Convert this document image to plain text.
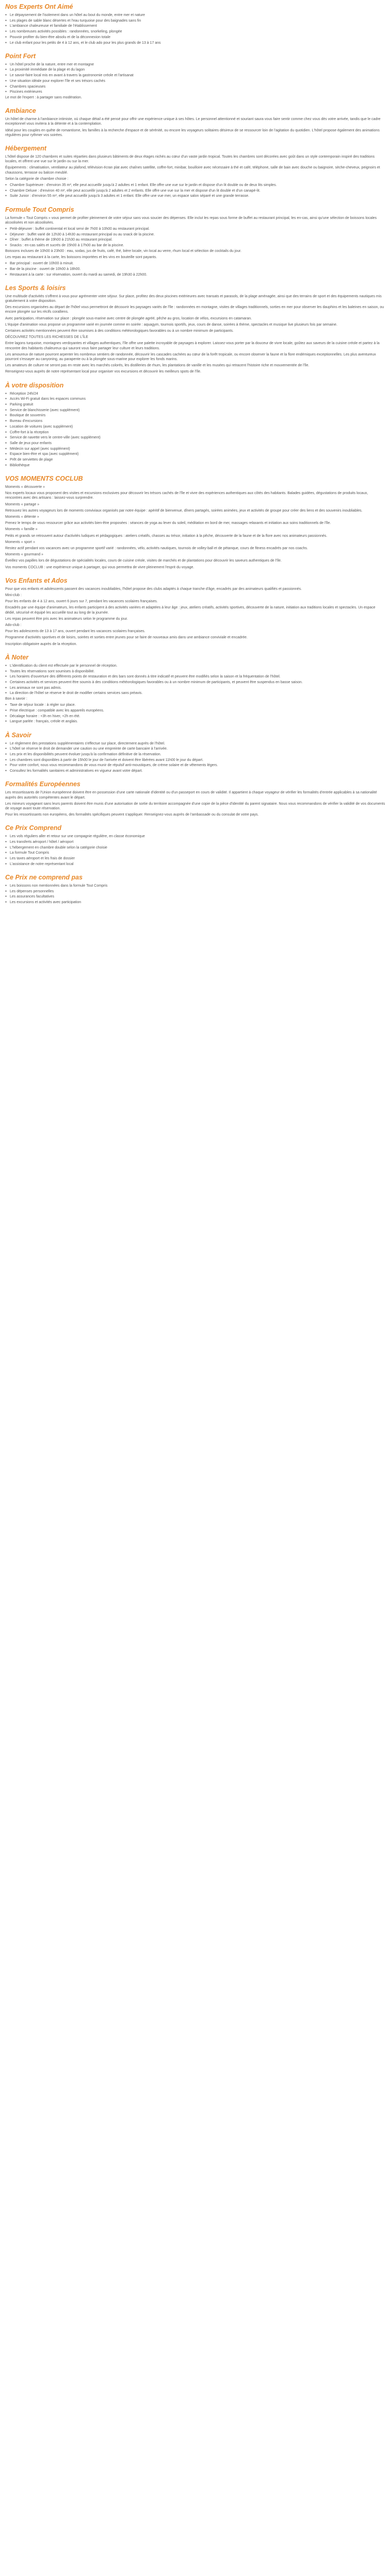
Nos Experts Ont Aimé
● Le dépaysement de l'isolement dans un hôtel au bout du monde, entre mer et nature
● Les plages de sable blanc désertes et l'eau turquoise pour des baignades sans fin
● L'ambiance chaleureuse et familiale de l'établissement
● Les nombreuses activités possibles : randonnées, snorkeling, plongée
● Pouvoir profiter du bien-être absolu et de la déconnexion totale
● Le club enfant pour les petits de 4 à 12 ans, et le club ado pour les plus grands de 13 à 17 ans
Point Fort
● Un hôtel proche de la nature, entre mer et montagne
● La proximité immédiate de la plage et du lagon
● Le savoir-faire local mis en avant à travers la gastronomie créole et l'artisanat
● Une situation idéale pour explorer l'île et ses trésors cachés
● Chambres spacieuses
● Piscines extérieures

Le mot de l'expert : à partager sans modération.

Ambiance

Un hôtel de charme à l'ambiance intimiste, où chaque détail a été pensé pour offrir une expérience unique à ses hôtes. Le personnel attentionné et souriant saura vous faire sentir comme chez vous dès votre arrivée, tandis que le cadre exceptionnel vous invitera à la détente et à la contemplation.

Idéal pour les couples en quête de romantisme, les familles à la recherche d'espace et de sérénité, ou encore les voyageurs solitaires désireux de se ressourcer loin de l'agitation du quotidien. L'hôtel propose également des animations régulières pour rythmer vos soirées.

Hébergement

L'hôtel dispose de 120 chambres et suites réparties dans plusieurs bâtiments de deux étages nichés au cœur d'un vaste jardin tropical. Toutes les chambres sont décorées avec goût dans un style contemporain inspiré des traditions locales, et offrent une vue sur le jardin ou sur la mer.

Équipements : climatisation, ventilateur au plafond, télévision écran plat avec chaînes satellite, coffre-fort, minibar, bouilloire avec nécessaire à thé et café, téléphone, salle de bain avec douche ou baignoire, sèche-cheveux, peignoirs et chaussons, terrasse ou balcon meublé.

Selon la catégorie de chambre choisie :

● Chambre Supérieure : d'environ 35 m², elle peut accueillir jusqu'à 2 adultes et 1 enfant. Elle offre une vue sur le jardin et dispose d'un lit double ou de deux lits simples.
● Chambre Deluxe : d'environ 40 m², elle peut accueillir jusqu'à 2 adultes et 2 enfants. Elle offre une vue sur la mer et dispose d'un lit double et d'un canapé-lit.
● Suite Junior : d'environ 55 m², elle peut accueillir jusqu'à 3 adultes et 1 enfant. Elle offre une vue mer, un espace salon séparé et une grande terrasse.
Formule Tout Compris

La formule « Tout Compris » vous permet de profiter pleinement de votre séjour sans vous soucier des dépenses. Elle inclut les repas sous forme de buffet au restaurant principal, les en-cas, ainsi qu'une sélection de boissons locales alcoolisées et non alcoolisées.

● Petit-déjeuner : buffet continental et local servi de 7h00 à 10h00 au restaurant principal.
● Déjeuner : buffet varié de 12h30 à 14h30 au restaurant principal ou au snack de la piscine.
● Dîner : buffet à thème de 19h00 à 21h30 au restaurant principal.
● Snacks : en-cas salés et sucrés de 15h00 à 17h00 au bar de la piscine.

Boissons incluses de 10h00 à 23h00 : eau, sodas, jus de fruits, café, thé, bière locale, vin local au verre, rhum local et sélection de cocktails du jour.

Les repas au restaurant à la carte, les boissons importées et les vins en bouteille sont payants.

● Bar principal : ouvert de 10h00 à minuit.
● Bar de la piscine : ouvert de 10h00 à 18h00.
● Restaurant à la carte : sur réservation, ouvert du mardi au samedi, de 19h30 à 22h00.
Les Sports & loisirs

Une multitude d'activités s'offrent à vous pour agrémenter votre séjour. Sur place, profitez des deux piscines extérieures avec transats et parasols, de la plage aménagée, ainsi que des terrains de sport et des équipements nautiques mis gratuitement à votre disposition.

Des excursions organisées au départ de l'hôtel vous permettront de découvrir les paysages variés de l'île : randonnées en montagne, visites de villages traditionnels, sorties en mer pour observer les dauphins et les baleines en saison, ou encore plongée sur les récifs coralliens.

Avec participation, réservation sur place : plongée sous-marine avec centre de plongée agréé, pêche au gros, location de vélos, excursions en catamaran.

L'équipe d'animation vous propose un programme varié en journée comme en soirée : aquagym, tournois sportifs, jeux, cours de danse, soirées à thème, spectacles et musique live plusieurs fois par semaine.

Certaines activités mentionnées peuvent être soumises à des conditions météorologiques favorables ou à un nombre minimum de participants.

DÉCOUVREZ TOUTES LES RICHESSES DE L'ÎLE

Entre lagons turquoise, montagnes verdoyantes et villages authentiques, l'île offre une palette incroyable de paysages à explorer. Laissez-vous porter par la douceur de vivre locale, goûtez aux saveurs de la cuisine créole et partez à la rencontre des habitants chaleureux qui sauront vous faire partager leur culture et leurs traditions.

Les amoureux de nature pourront arpenter les nombreux sentiers de randonnée, découvrir les cascades cachées au cœur de la forêt tropicale, ou encore observer la faune et la flore endémiques exceptionnelles. Les plus aventureux pourront s'essayer au canyoning, au parapente ou à la plongée sous-marine pour explorer les fonds marins.

Les amateurs de culture ne seront pas en reste avec les marchés colorés, les distilleries de rhum, les plantations de vanille et les musées qui retracent l'histoire riche et mouvementée de l'île.

Renseignez-vous auprès de notre représentant local pour organiser vos excursions et découvrir les meilleurs spots de l'île.

À votre disposition
● Réception 24h/24
● Accès Wi-Fi gratuit dans les espaces communs
● Parking gratuit
● Service de blanchisserie (avec supplément)
● Boutique de souvenirs
● Bureau d'excursions
● Location de voitures (avec supplément)
● Coffre-fort à la réception
● Service de navette vers le centre-ville (avec supplément)
● Salle de jeux pour enfants
● Médecin sur appel (avec supplément)
● Espace bien-être et spa (avec supplément)
● Prêt de serviettes de plage
● Bibliothèque
VOS MOMENTS COCLUB

Moments « découverte »

Nos experts locaux vous proposent des visites et excursions exclusives pour découvrir les trésors cachés de l'île et vivre des expériences authentiques aux côtés des habitants. Balades guidées, dégustations de produits locaux, rencontres avec des artisans : laissez-vous surprendre.

Moments « partage »

Retrouvez les autres voyageurs lors de moments conviviaux organisés par notre équipe : apéritif de bienvenue, dîners partagés, soirées animées, jeux et activités de groupe pour créer des liens et des souvenirs inoubliables.

Moments « détente »

Prenez le temps de vous ressourcer grâce aux activités bien-être proposées : séances de yoga au lever du soleil, méditation en bord de mer, massages relaxants et initiation aux soins traditionnels de l'île.

Moments « famille »

Petits et grands se retrouvent autour d'activités ludiques et pédagogiques : ateliers créatifs, chasses au trésor, initiation à la pêche, découverte de la faune et de la flore avec nos animateurs passionnés.

Moments « sport »

Restez actif pendant vos vacances avec un programme sportif varié : randonnées, vélo, activités nautiques, tournois de volley-ball et de pétanque, cours de fitness encadrés par nos coachs.

Moments « gourmand »

Éveillez vos papilles lors de dégustations de spécialités locales, cours de cuisine créole, visites de marchés et de plantations pour découvrir les saveurs authentiques de l'île.

Vos moments COCLUB : une expérience unique à partager, qui vous permettra de vivre pleinement l'esprit du voyage.

Vos Enfants et Ados

Pour que vos enfants et adolescents passent des vacances inoubliables, l'hôtel propose des clubs adaptés à chaque tranche d'âge, encadrés par des animateurs qualifiés et passionnés.

Mini-club :

Pour les enfants de 4 à 12 ans, ouvert 6 jours sur 7, pendant les vacances scolaires françaises.

Encadrés par une équipe d'animateurs, les enfants participent à des activités variées et adaptées à leur âge : jeux, ateliers créatifs, activités sportives, découverte de la nature, initiation aux traditions locales et spectacles. Un espace dédié, sécurisé et équipé les accueille tout au long de la journée.

Les repas peuvent être pris avec les animateurs selon le programme du jour.

Ado-club :

Pour les adolescents de 13 à 17 ans, ouvert pendant les vacances scolaires françaises.

Programme d'activités sportives et de loisirs, soirées et sorties entre jeunes pour se faire de nouveaux amis dans une ambiance conviviale et encadrée.

Inscription obligatoire auprès de la réception.

À Noter
● L'identification du client est effectuée par le personnel de réception.
● Toutes les réservations sont soumises à disponibilité.
● Les horaires d'ouverture des différents points de restauration et des bars sont donnés à titre indicatif et peuvent être modifiés selon la saison et la fréquentation de l'hôtel.
● Certaines activités et services peuvent être soumis à des conditions météorologiques favorables ou à un nombre minimum de participants, et peuvent être suspendus en basse saison.
● Les animaux ne sont pas admis.
● La direction de l'hôtel se réserve le droit de modifier certains services sans préavis.

Bon à savoir :

● Taxe de séjour locale : à régler sur place.
● Prise électrique : compatible avec les appareils européens.
● Décalage horaire : +3h en hiver, +2h en été.
● Langue parlée : français, créole et anglais.
À Savoir
● Le règlement des prestations supplémentaires s'effectue sur place, directement auprès de l'hôtel.
● L'hôtel se réserve le droit de demander une caution ou une empreinte de carte bancaire à l'arrivée.
● Les prix et les disponibilités peuvent évoluer jusqu'à la confirmation définitive de la réservation.
● Les chambres sont disponibles à partir de 15h00 le jour de l'arrivée et doivent être libérées avant 11h00 le jour du départ.
● Pour votre confort, nous vous recommandons de vous munir de répulsif anti-moustiques, de crème solaire et de vêtements légers.
● Consultez les formalités sanitaires et administratives en vigueur avant votre départ.
Formalités Européennes

Les ressortissants de l'Union européenne doivent être en possession d'une carte nationale d'identité ou d'un passeport en cours de validité. Il appartient à chaque voyageur de vérifier les formalités d'entrée applicables à sa nationalité auprès des autorités compétentes avant le départ.

Les mineurs voyageant sans leurs parents doivent être munis d'une autorisation de sortie du territoire accompagnée d'une copie de la pièce d'identité du parent signataire. Nous vous recommandons de vérifier la validité de vos documents de voyage avant toute réservation.

Pour les ressortissants non européens, des formalités spécifiques peuvent s'appliquer. Renseignez-vous auprès de l'ambassade ou du consulat de votre pays.

Ce Prix Comprend
● Les vols réguliers aller et retour sur une compagnie régulière, en classe économique
● Les transferts aéroport / hôtel / aéroport
● L'hébergement en chambre double selon la catégorie choisie
● La formule Tout Compris
● Les taxes aéroport et les frais de dossier
● L'assistance de notre représentant local
Ce Prix ne comprend pas
● Les boissons non mentionnées dans la formule Tout Compris
● Les dépenses personnelles
● Les assurances facultatives
● Les excursions et activités avec participation
